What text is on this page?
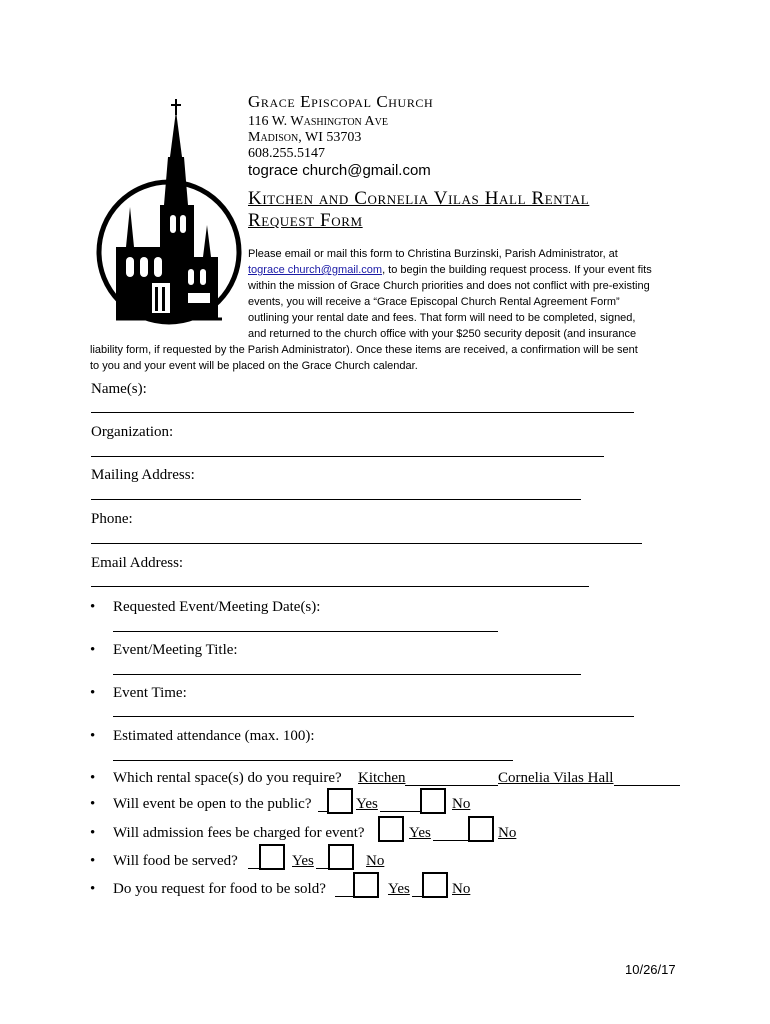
Grace Episcopal Church
116 W. Washington Ave
Madison, WI 53703
608.255.5147
tograce church@gmail.com
Kitchen and Cornelia Vilas Hall Rental
Request Form
Please email or mail this form to Christina Burzinski, Parish Administrator, at
tograce church@gmail.com, to begin the building request process. If your event fits
within the mission of Grace Church priorities and does not conflict with pre-existing
events, you will receive a “Grace Episcopal Church Rental Agreement Form”
outlining your rental date and fees. That form will need to be completed, signed,
and returned to the church office with your $250 security deposit (and insurance
liability form, if requested by the Parish Administrator). Once these items are received, a confirmation will be sent
to you and your event will be placed on the Grace Church calendar.
Name(s):
Organization:
Mailing Address:
Phone:
Email Address:
• Requested Event/Meeting Date(s):
• Event/Meeting Title:
• Event Time:
• Estimated attendance (max. 100):
• Which rental space(s) do you require? Kitchen	Cornelia Vilas Hall
• Will event be open to the public?	Yes	No
• Will admission fees be charged for event?	Yes	No
• Will food be served?	Yes	No
• Do you request for food to be sold?	Yes	No
10/26/17
